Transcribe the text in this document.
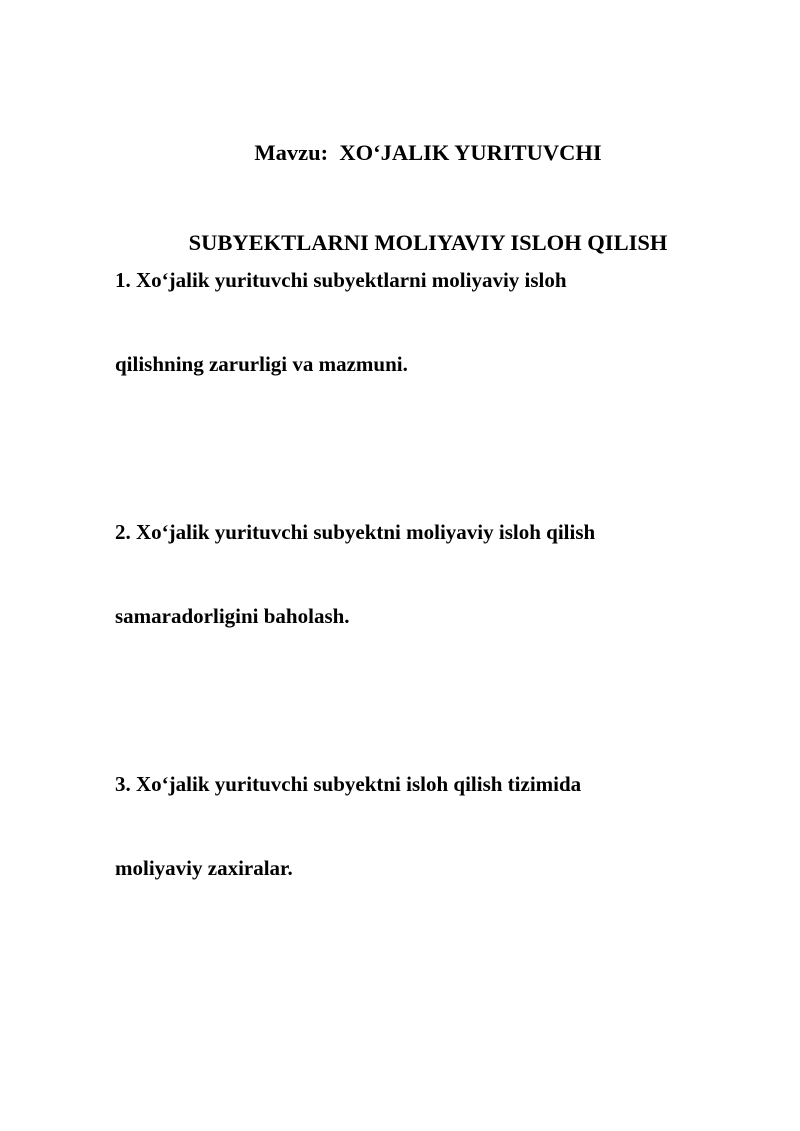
Mavzu:  XO‘JALIK YURITUVCHI

SUBYEKTLARNI MOLIYAVIY ISLOH QILISH

1. Xo‘jalik yurituvchi subyektlarni moliyaviy isloh

qilishning zarurligi va mazmuni.

2. Xo‘jalik yurituvchi subyektni moliyaviy isloh qilish

samaradorligini baholash.

3. Xo‘jalik yurituvchi subyektni isloh qilish tizimida

moliyaviy zaxiralar.
